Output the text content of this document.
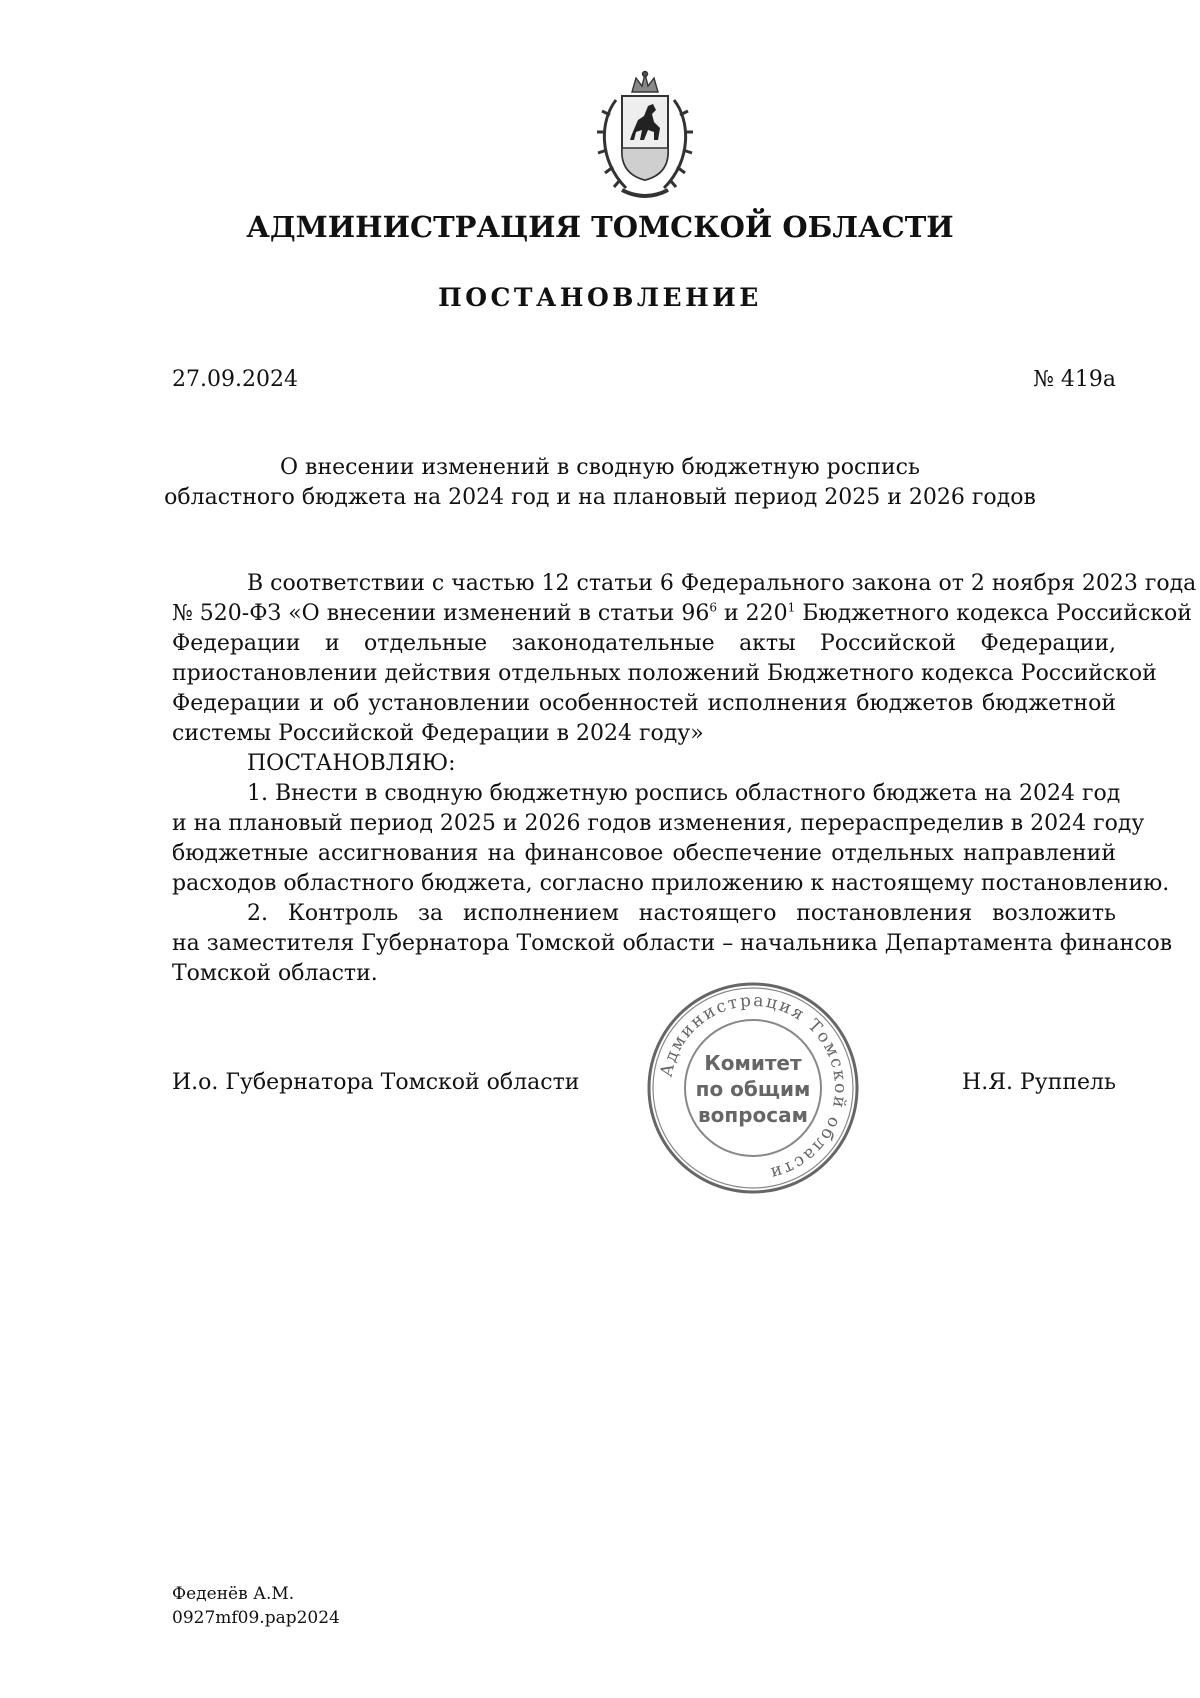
АДМИНИСТРАЦИЯ ТОМСКОЙ ОБЛАСТИ
ПОСТАНОВЛЕНИЕ
27.09.2024	№ 419а
О внесении изменений в сводную бюджетную роспись
областного бюджета на 2024 год и на плановый период 2025 и 2026 годов
В соответствии с частью 12 статьи 6 Федерального закона от 2 ноября 2023 года
№ 520-ФЗ «О внесении изменений в статьи $96^6$ и $220^1$ Бюджетного кодекса Российской
Федерации и отдельные законодательные акты Российской Федерации,
приостановлении действия отдельных положений Бюджетного кодекса Российской
Федерации и об установлении особенностей исполнения бюджетов бюджетной
системы Российской Федерации в 2024 году»
ПОСТАНОВЛЯЮ:
1. Внести в сводную бюджетную роспись областного бюджета на 2024 год
и на плановый период 2025 и 2026 годов изменения, перераспределив в 2024 году
бюджетные ассигнования на финансовое обеспечение отдельных направлений
расходов областного бюджета, согласно приложению к настоящему постановлению.
2. Контроль за исполнением настоящего постановления возложить
на заместителя Губернатора Томской области – начальника Департамента финансов
Томской области.
И.о. Губернатора Томской области	Н.Я. Руппель
Администрация Томской области
Комитет
по общим
вопросам
Феденёв А.М.
0927mf09.pap2024
